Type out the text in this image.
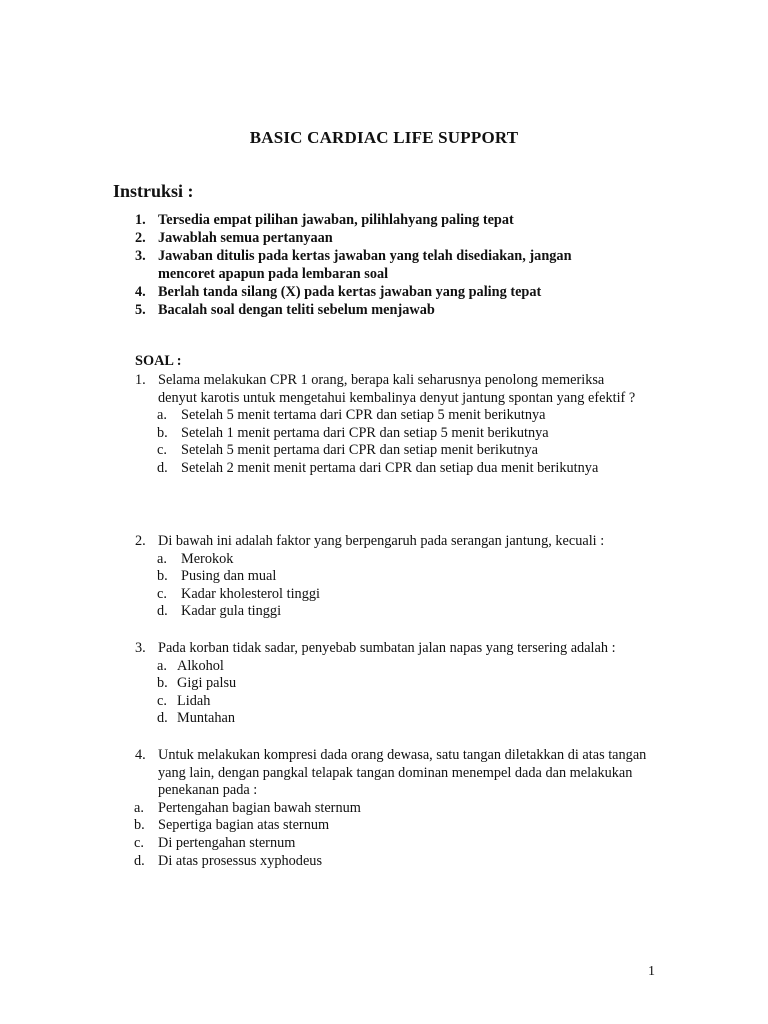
BASIC CARDIAC LIFE SUPPORT
Instruksi :
1. Tersedia empat pilihan jawaban, pilihlahyang paling tepat
2. Jawablah semua pertanyaan
3. Jawaban ditulis pada kertas jawaban yang telah disediakan, jangan mencoret apapun pada lembaran soal
4. Berlah tanda silang (X) pada kertas jawaban yang paling tepat
5. Bacalah soal dengan teliti sebelum menjawab
SOAL :
1. Selama melakukan CPR 1 orang, berapa kali seharusnya penolong memeriksa denyut karotis untuk mengetahui kembalinya denyut jantung spontan yang efektif ?
a. Setelah 5 menit tertama dari CPR dan setiap 5 menit berikutnya
b. Setelah 1 menit pertama dari CPR dan setiap 5 menit berikutnya
c. Setelah 5 menit pertama dari CPR dan setiap menit berikutnya
d. Setelah 2 menit menit pertama dari CPR dan setiap dua menit berikutnya
2. Di bawah ini adalah faktor yang berpengaruh pada serangan jantung, kecuali :
a. Merokok
b. Pusing dan mual
c. Kadar kholesterol tinggi
d. Kadar gula tinggi
3. Pada korban tidak sadar, penyebab sumbatan jalan napas yang tersering adalah :
a. Alkohol
b. Gigi palsu
c. Lidah
d. Muntahan
4. Untuk melakukan kompresi dada orang dewasa, satu tangan diletakkan di atas tangan yang lain, dengan pangkal telapak tangan dominan menempel dada dan melakukan penekanan pada :
a. Pertengahan bagian bawah sternum
b. Sepertiga bagian atas sternum
c. Di pertengahan sternum
d. Di atas prosessus xyphodeus
1
